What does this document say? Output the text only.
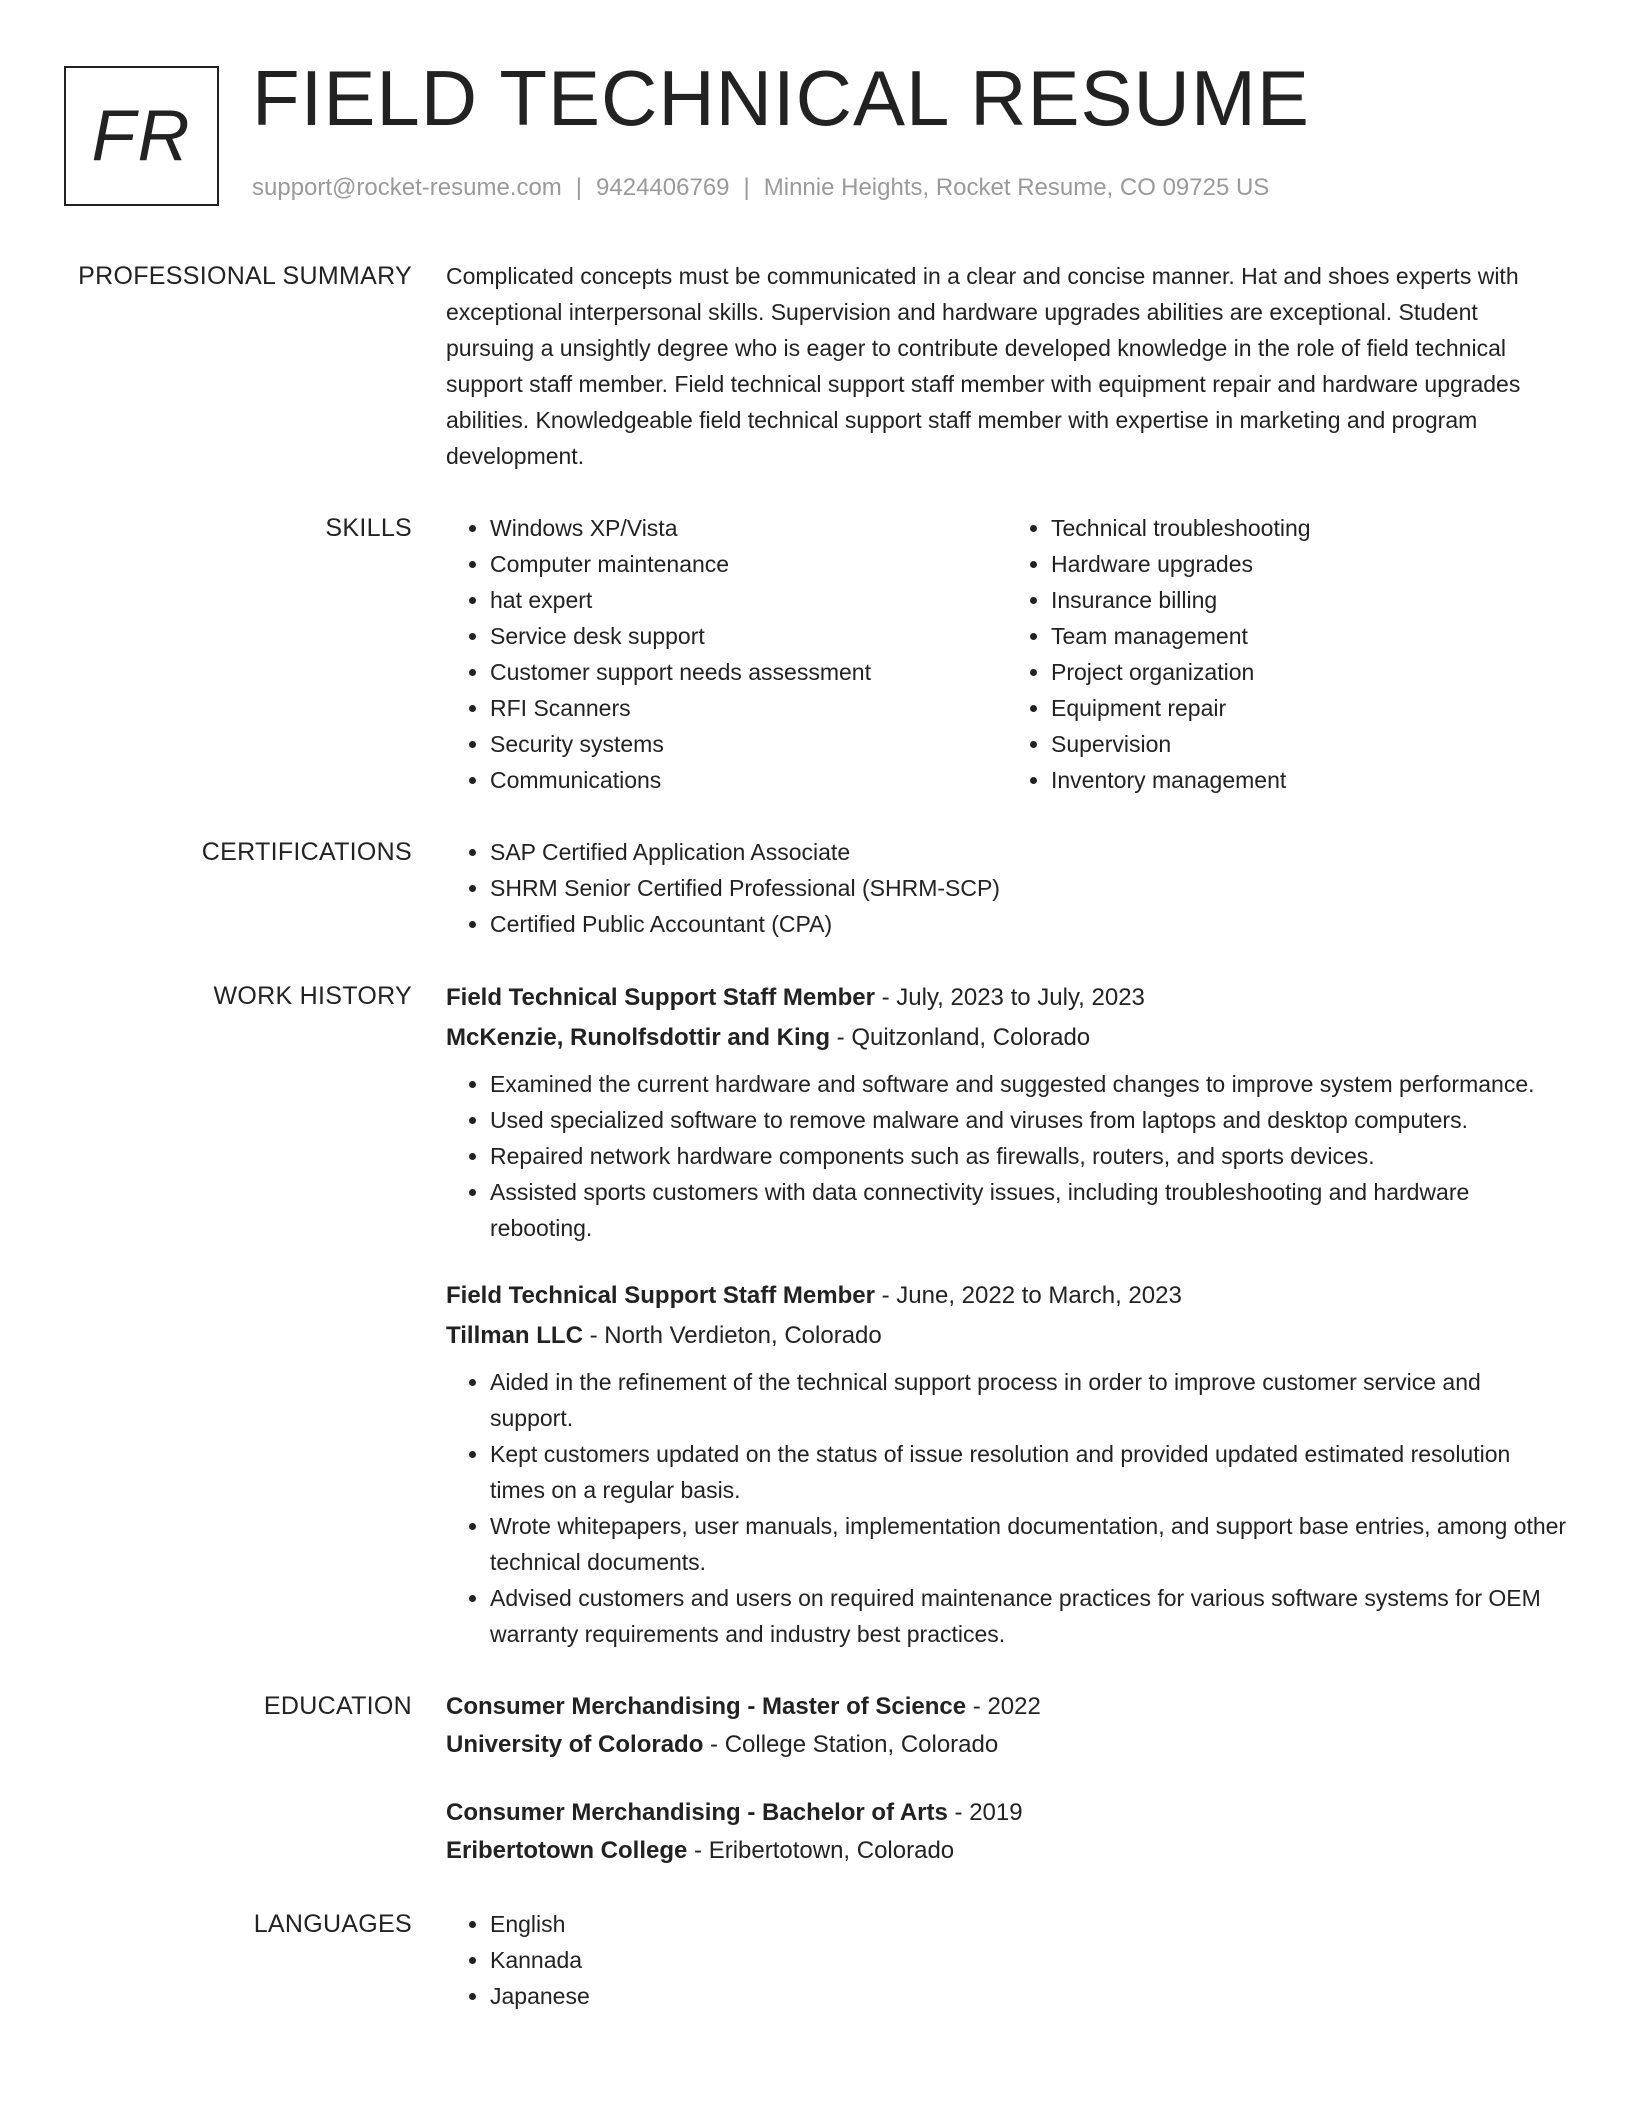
FR FIELD TECHNICAL RESUME
support@rocket-resume.com | 9424406769 | Minnie Heights, Rocket Resume, CO 09725 US
PROFESSIONAL SUMMARY Complicated concepts must be communicated in a clear and concise manner. Hat and shoes experts with exceptional interpersonal skills. Supervision and hardware upgrades abilities are exceptional. Student pursuing a unsightly degree who is eager to contribute developed knowledge in the role of field technical support staff member. Field technical support staff member with equipment repair and hardware upgrades abilities. Knowledgeable field technical support staff member with expertise in marketing and program development.

SKILLS	• Windows XP/Vista
• Computer maintenance
• hat expert
• Service desk support
• Customer support needs assessment
• RFI Scanners
• Security systems
• Communications
• Technical troubleshooting
• Hardware upgrades
• Insurance billing
• Team management
• Project organization
• Equipment repair
• Supervision
• Inventory management
CERTIFICATIONS	• SAP Certified Application Associate
• SHRM Senior Certified Professional (SHRM-SCP)
• Certified Public Accountant (CPA)
WORK HISTORY Field Technical Support Staff Member - July, 2023 to July, 2023
McKenzie, Runolfsdottir and King - Quitzonland, Colorado
• Examined the current hardware and software and suggested changes to improve system performance.
• Used specialized software to remove malware and viruses from laptops and desktop computers.
• Repaired network hardware components such as firewalls, routers, and sports devices.
• Assisted sports customers with data connectivity issues, including troubleshooting and hardware rebooting.
Field Technical Support Staff Member - June, 2022 to March, 2023
Tillman LLC - North Verdieton, Colorado
• Aided in the refinement of the technical support process in order to improve customer service and support.
• Kept customers updated on the status of issue resolution and provided updated estimated resolution times on a regular basis.
• Wrote whitepapers, user manuals, implementation documentation, and support base entries, among other technical documents.
• Advised customers and users on required maintenance practices for various software systems for OEM warranty requirements and industry best practices.
EDUCATION Consumer Merchandising - Master of Science - 2022
University of Colorado - College Station, Colorado
Consumer Merchandising - Bachelor of Arts - 2019
Eribertotown College - Eribertotown, Colorado
LANGUAGES	• English
• Kannada
• Japanese
